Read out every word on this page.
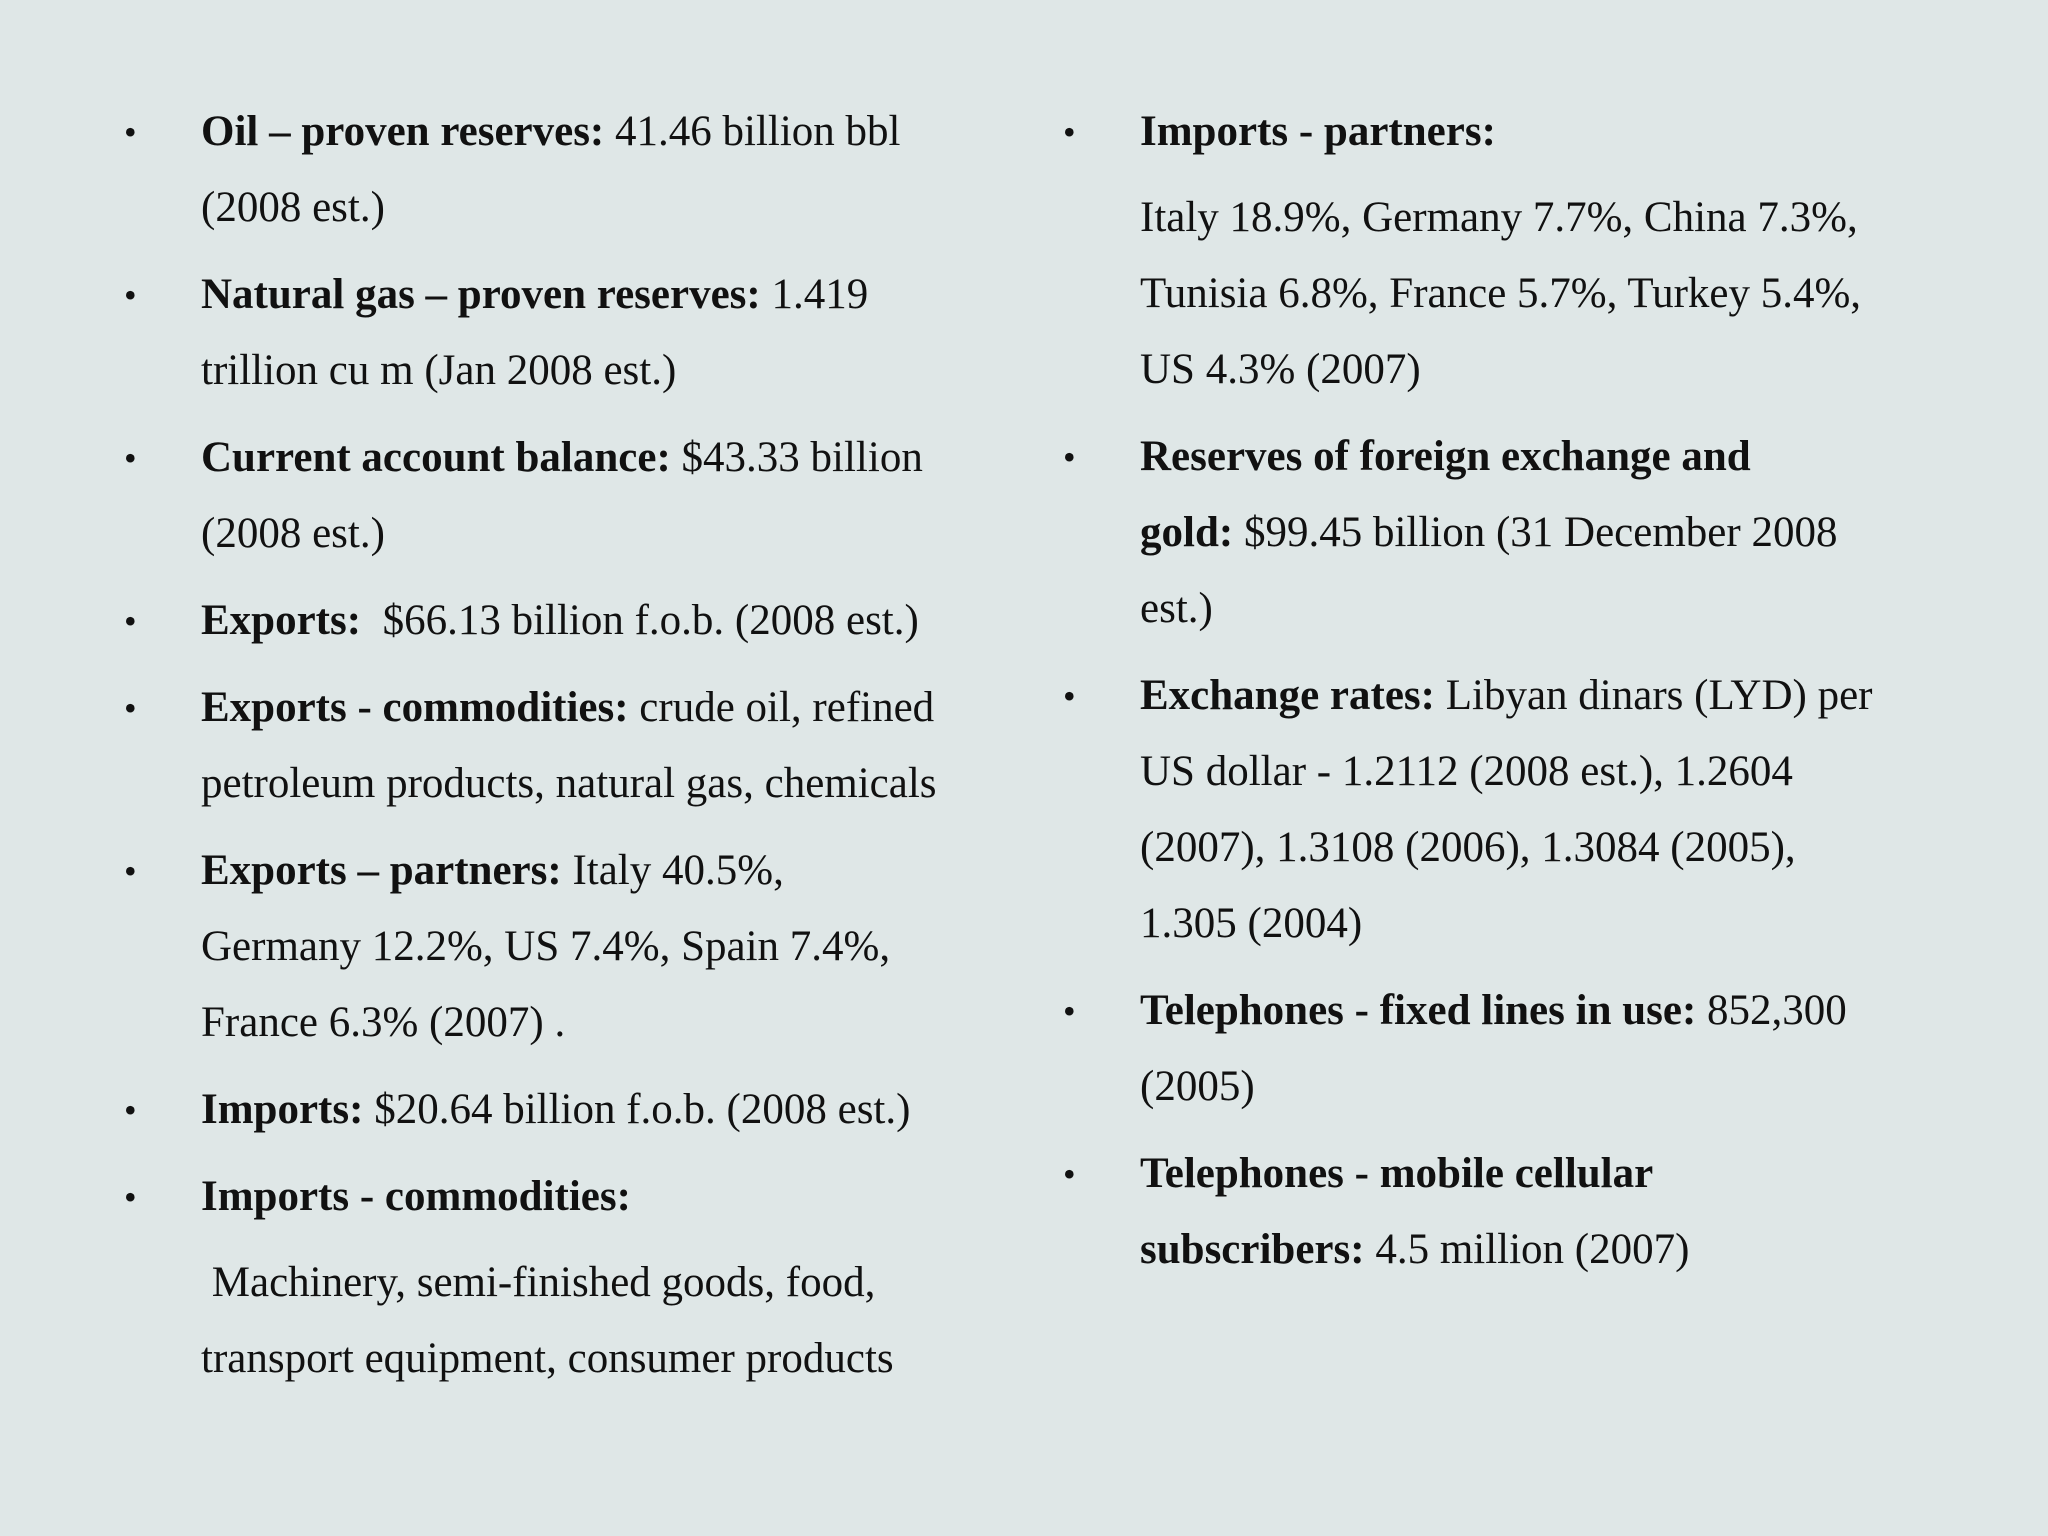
•	Oil – proven reserves: 41.46 billion bbl
(2008 est.)
•	Natural gas – proven reserves: 1.419
trillion cu m (Jan 2008 est.)
•	Current account balance: $43.33 billion
(2008 est.)
•	Exports:  $66.13 billion f.o.b. (2008 est.)
•	Exports - commodities: crude oil, refined
petroleum products, natural gas, chemicals
•	Exports – partners: Italy 40.5%,
Germany 12.2%, US 7.4%, Spain 7.4%,
France 6.3% (2007) .
•	Imports: $20.64 billion f.o.b. (2008 est.)
•	Imports - commodities:
Machinery, semi-finished goods, food,
transport equipment, consumer products
•	Imports - partners:
Italy 18.9%, Germany 7.7%, China 7.3%,
Tunisia 6.8%, France 5.7%, Turkey 5.4%,
US 4.3% (2007)
•	Reserves of foreign exchange and
gold: $99.45 billion (31 December 2008
est.)
•	Exchange rates: Libyan dinars (LYD) per
US dollar - 1.2112 (2008 est.), 1.2604
(2007), 1.3108 (2006), 1.3084 (2005),
1.305 (2004)
•	Telephones - fixed lines in use: 852,300
(2005)
•	Telephones - mobile cellular
subscribers: 4.5 million (2007)
